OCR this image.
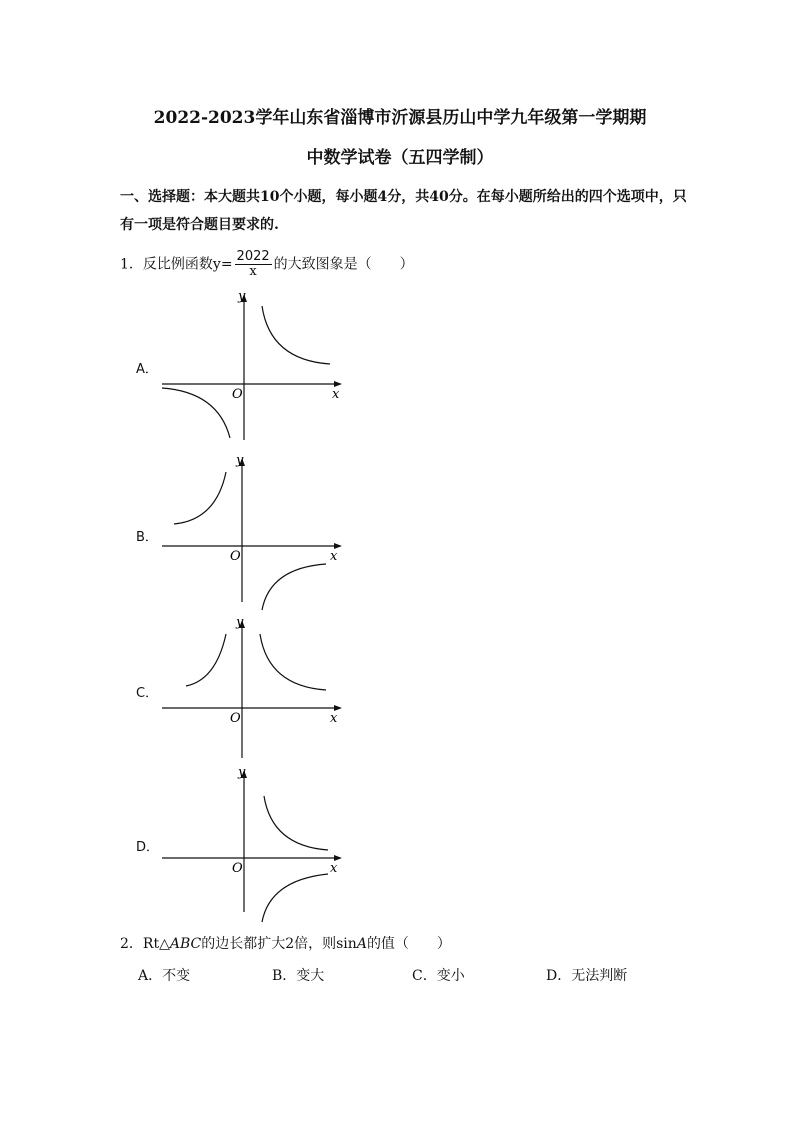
2022-2023学年山东省淄博市沂源县历山中学九年级第一学期期
中数学试卷（五四学制）
一、选择题：本大题共10个小题，每小题4分，共40分。在每小题所给出的四个选项中，只有一项是符合题目要求的.
1．反比例函数$y= \frac{2022}{x}$ 的大致图象是（　　）
A．
y
x
O
B．
y
x
O
C．
y
x
O
D．
y
x
O
2．Rt△ABC的边长都扩大2倍，则sinA的值（　　）
A．不变	B．变大	C．变小	D．无法判断
